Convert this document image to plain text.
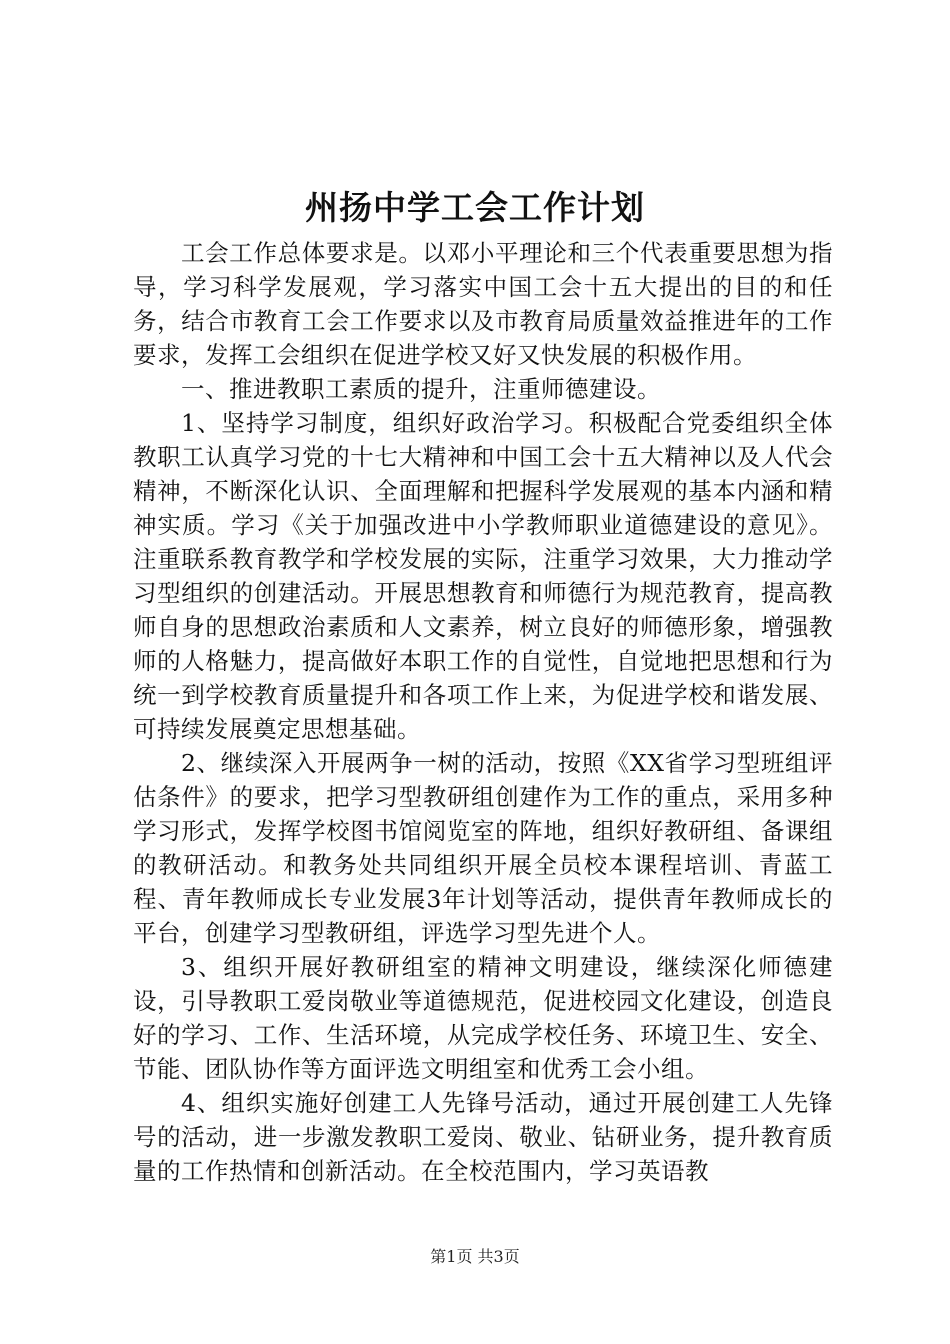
州扬中学工会工作计划

工会工作总体要求是。以邓小平理论和三个代表重要思想为指导，学习科学发展观，学习落实中国工会十五大提出的目的和任务，结合市教育工会工作要求以及市教育局质量效益推进年的工作要求，发挥工会组织在促进学校又好又快发展的积极作用。

一、推进教职工素质的提升，注重师德建设。

1、坚持学习制度，组织好政治学习。积极配合党委组织全体教职工认真学习党的十七大精神和中国工会十五大精神以及人代会精神，不断深化认识、全面理解和把握科学发展观的基本内涵和精神实质。学习《关于加强改进中小学教师职业道德建设的意见》。注重联系教育教学和学校发展的实际，注重学习效果，大力推动学习型组织的创建活动。开展思想教育和师德行为规范教育，提高教师自身的思想政治素质和人文素养，树立良好的师德形象，增强教师的人格魅力，提高做好本职工作的自觉性，自觉地把思想和行为统一到学校教育质量提升和各项工作上来，为促进学校和谐发展、可持续发展奠定思想基础。

2、继续深入开展两争一树的活动，按照《XX省学习型班组评估条件》的要求，把学习型教研组创建作为工作的重点，采用多种学习形式，发挥学校图书馆阅览室的阵地，组织好教研组、备课组的教研活动。和教务处共同组织开展全员校本课程培训、青蓝工程、青年教师成长专业发展3年计划等活动，提供青年教师成长的平台，创建学习型教研组，评选学习型先进个人。

3、组织开展好教研组室的精神文明建设，继续深化师德建设，引导教职工爱岗敬业等道德规范，促进校园文化建设，创造良好的学习、工作、生活环境，从完成学校任务、环境卫生、安全、节能、团队协作等方面评选文明组室和优秀工会小组。

4、组织实施好创建工人先锋号活动，通过开展创建工人先锋号的活动，进一步激发教职工爱岗、敬业、钻研业务，提升教育质量的工作热情和创新活动。在全校范围内，学习英语教

第1页 共3页
